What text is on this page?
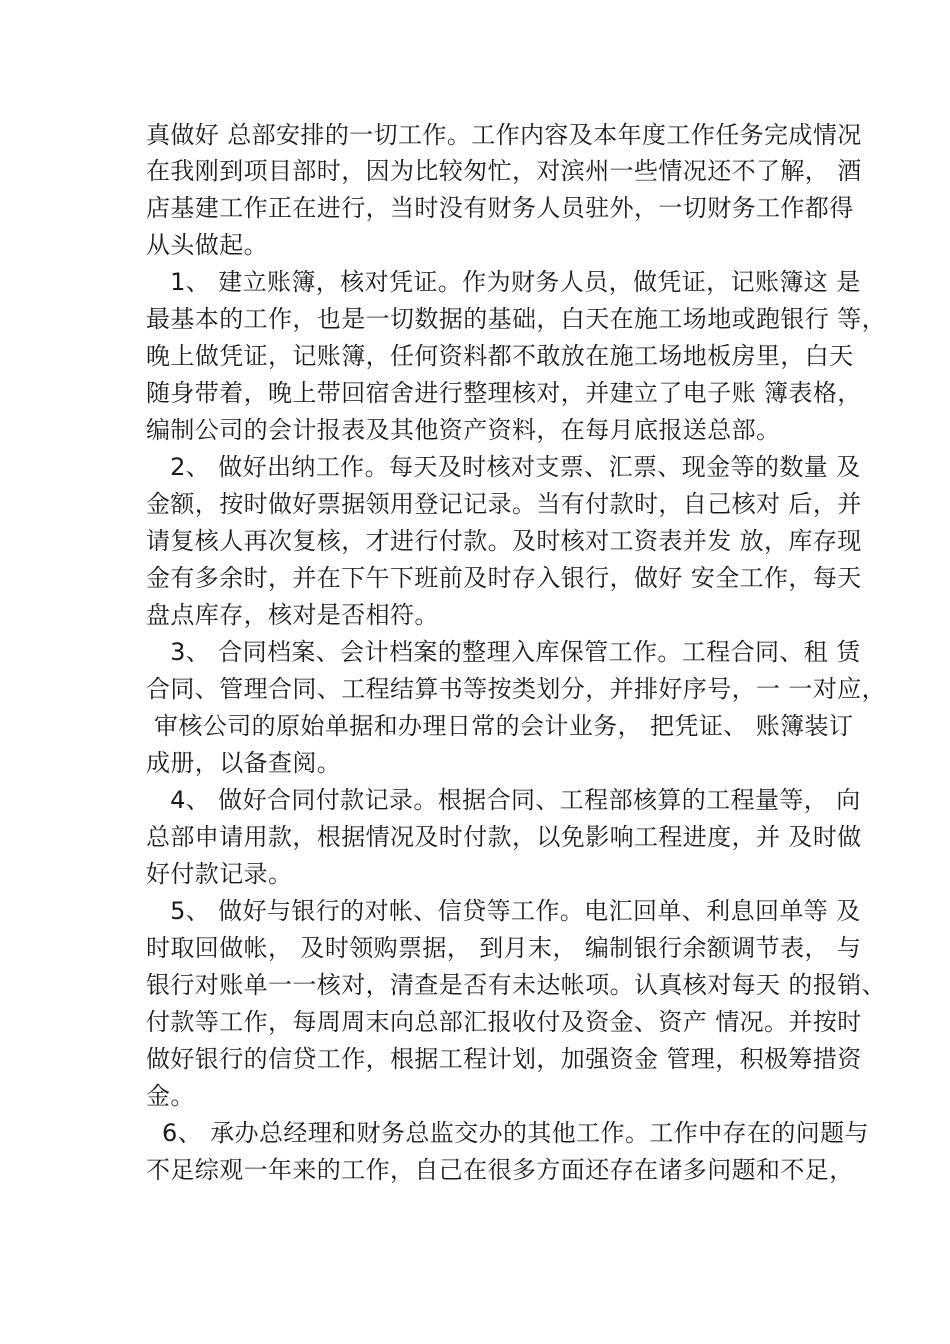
真做好 总部安排的一切工作。工作内容及本年度工作任务完成情况
在我刚到项目部时，因为比较匆忙，对滨州一些情况还不了解， 酒
店基建工作正在进行，当时没有财务人员驻外，一切财务工作都得
从头做起。
1、 建立账簿，核对凭证。作为财务人员，做凭证，记账簿这 是
最基本的工作，也是一切数据的基础，白天在施工场地或跑银行 等，
晚上做凭证，记账簿，任何资料都不敢放在施工场地板房里，白天
随身带着，晚上带回宿舍进行整理核对，并建立了电子账 簿表格，
编制公司的会计报表及其他资产资料，在每月底报送总部。
2、 做好出纳工作。每天及时核对支票、汇票、现金等的数量 及
金额，按时做好票据领用登记记录。当有付款时，自己核对 后，并
请复核人再次复核，才进行付款。及时核对工资表并发 放，库存现
金有多余时，并在下午下班前及时存入银行，做好 安全工作，每天
盘点库存，核对是否相符。
3、 合同档案、会计档案的整理入库保管工作。工程合同、租 赁
合同、管理合同、工程结算书等按类划分，并排好序号，一 一对应，
审核公司的原始单据和办理日常的会计业务， 把凭证、 账簿装订
成册，以备查阅。
4、 做好合同付款记录。根据合同、工程部核算的工程量等， 向
总部申请用款，根据情况及时付款，以免影响工程进度，并 及时做
好付款记录。
5、 做好与银行的对帐、信贷等工作。电汇回单、利息回单等 及
时取回做帐， 及时领购票据， 到月末， 编制银行余额调节表， 与
银行对账单一一核对，清查是否有未达帐项。认真核对每天 的报销、
付款等工作，每周周末向总部汇报收付及资金、资产 情况。并按时
做好银行的信贷工作，根据工程计划，加强资金 管理，积极筹措资
金。
6、 承办总经理和财务总监交办的其他工作。工作中存在的问题与
不足综观一年来的工作，自己在很多方面还存在诸多问题和不足，
